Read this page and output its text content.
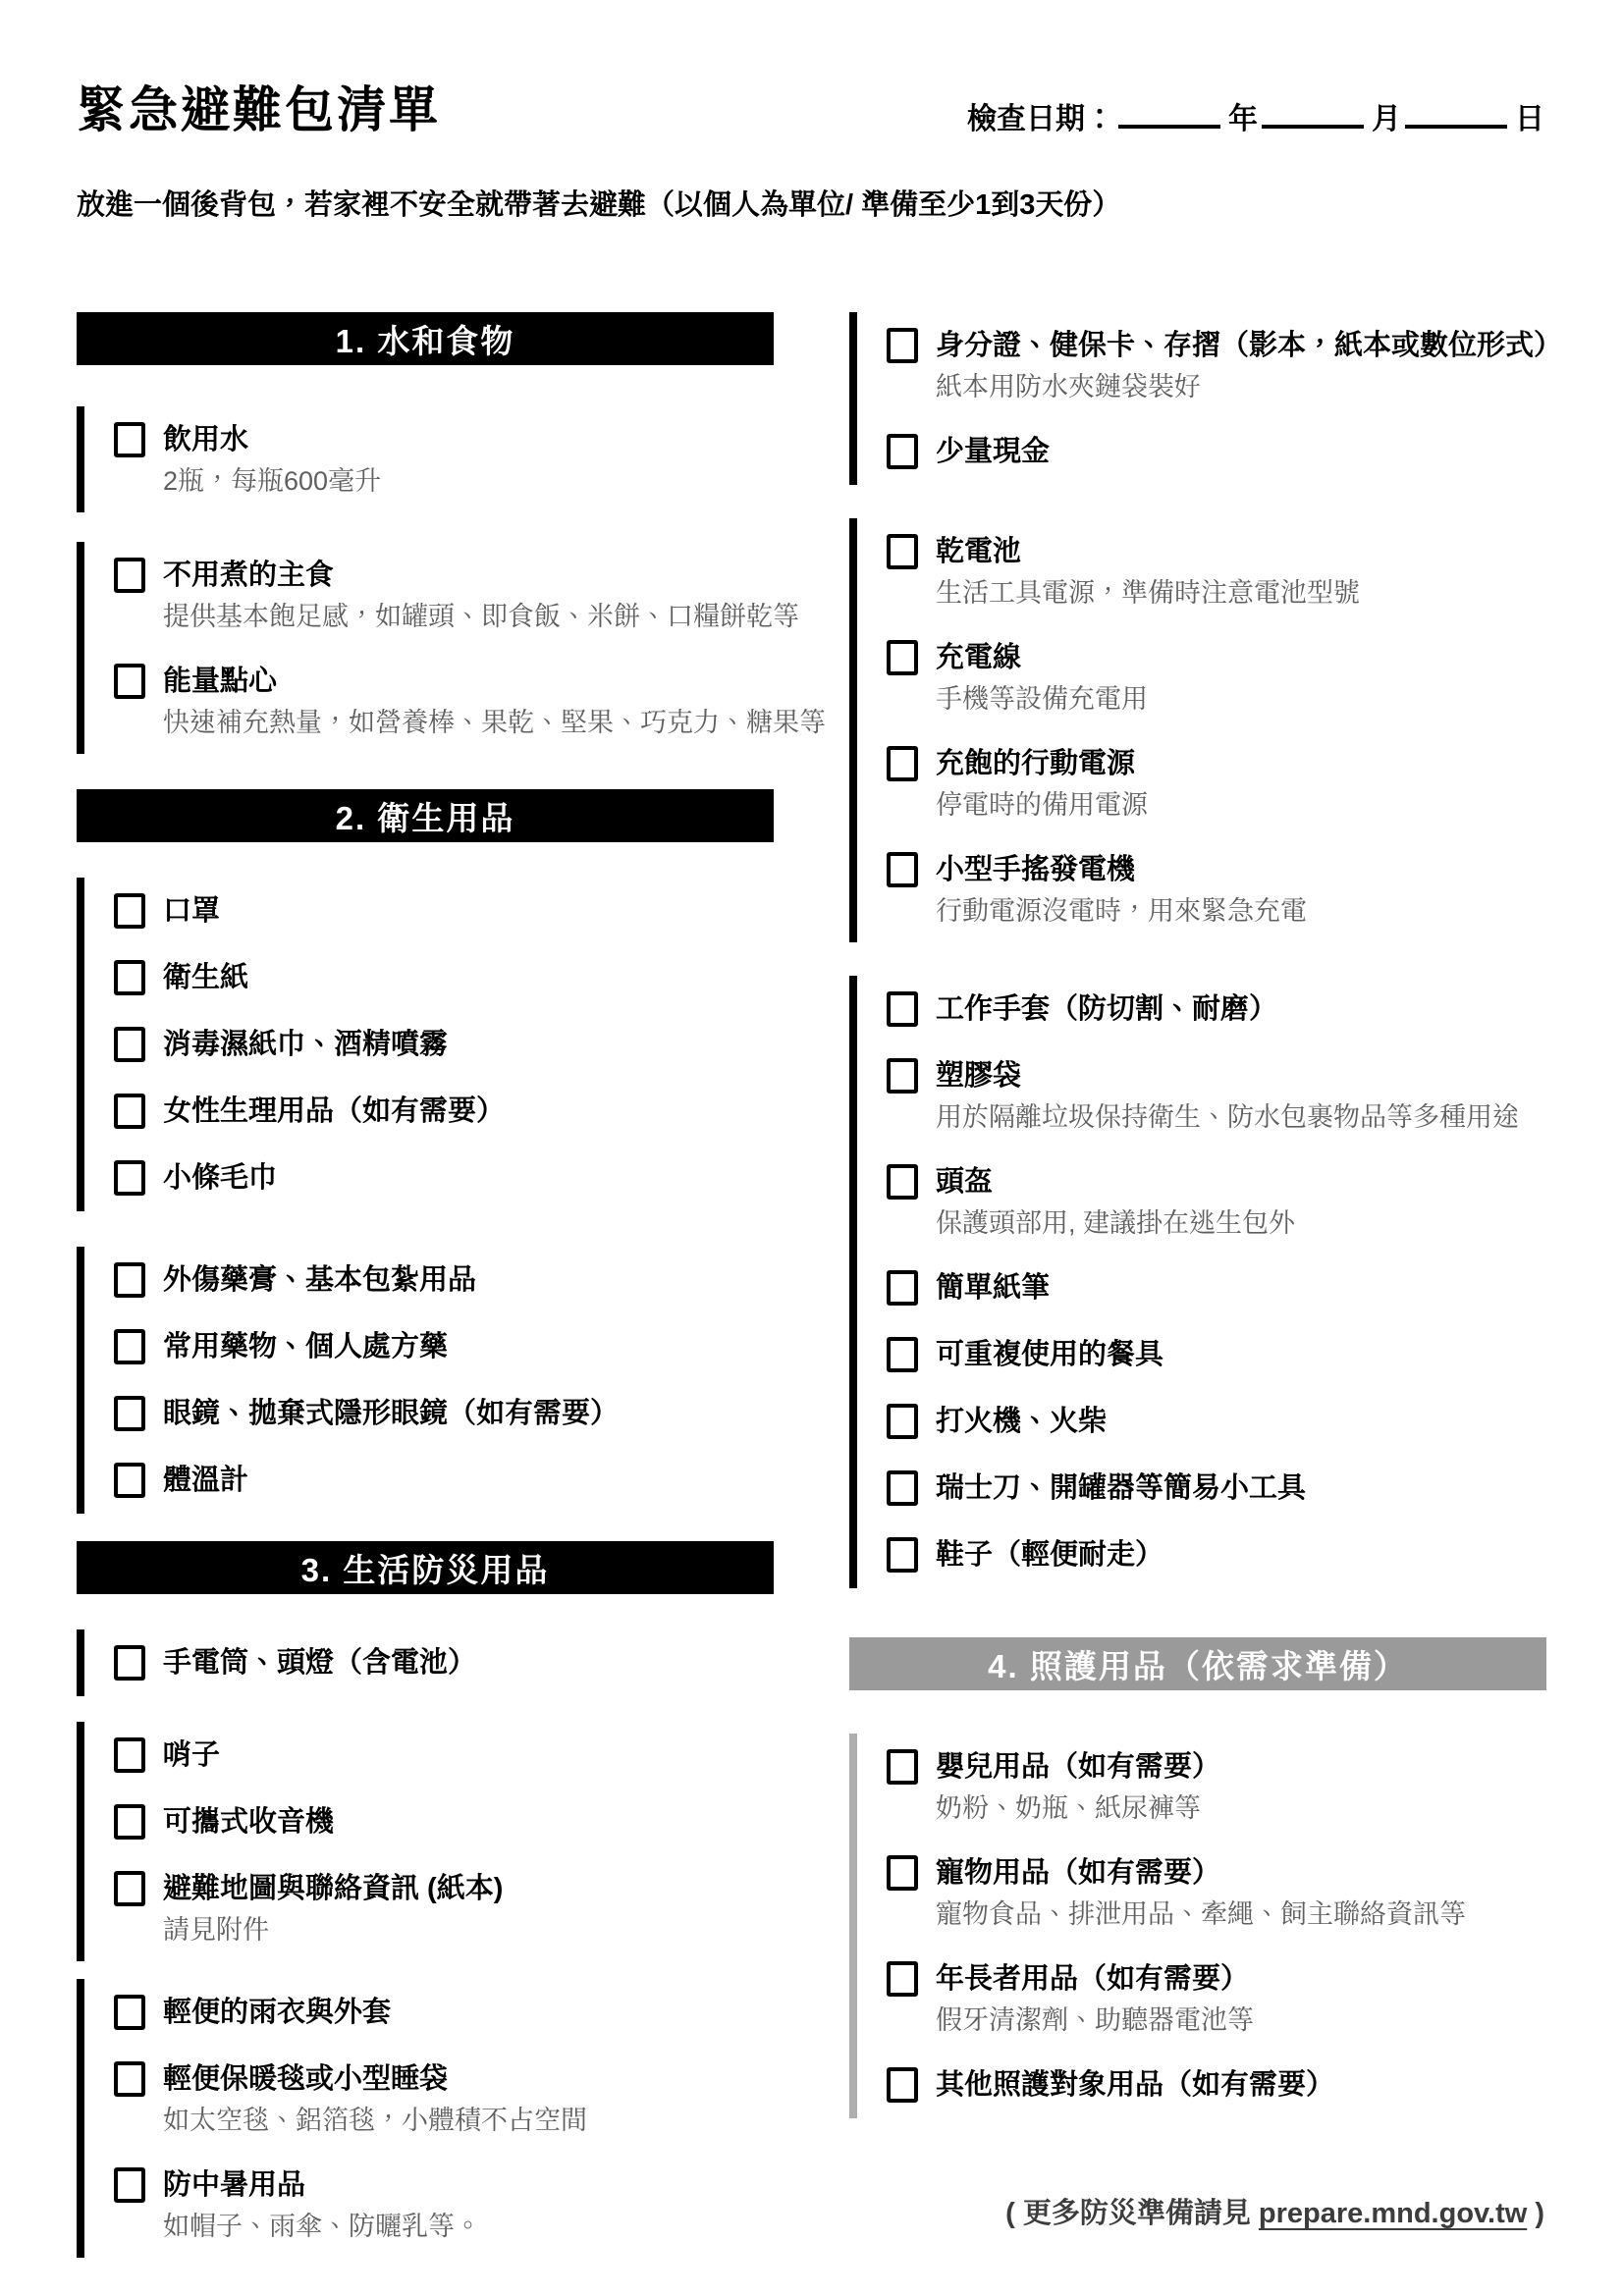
緊急避難包清單	檢查日期：	年	月	日
放進一個後背包，若家裡不安全就帶著去避難（以個人為單位/ 準備至少1到3天份）
1. 水和食物
飲用水
2瓶，每瓶600毫升
不用煮的主食
提供基本飽足感，如罐頭、即食飯、米餅、口糧餅乾等
能量點心
快速補充熱量，如營養棒、果乾、堅果、巧克力、糖果等
2. 衛生用品
口罩
衛生紙
消毒濕紙巾、酒精噴霧
女性生理用品（如有需要）
小條毛巾
外傷藥膏、基本包紮用品
常用藥物、個人處方藥
眼鏡、拋棄式隱形眼鏡（如有需要）
體溫計
3. 生活防災用品
手電筒、頭燈（含電池）
哨子
可攜式收音機
避難地圖與聯絡資訊 (紙本)
請見附件
輕便的雨衣與外套
輕便保暖毯或小型睡袋
如太空毯、鋁箔毯，小體積不占空間
防中暑用品
如帽子、雨傘、防曬乳等。
身分證、健保卡、存摺（影本，紙本或數位形式）
紙本用防水夾鏈袋裝好
少量現金
乾電池
生活工具電源，準備時注意電池型號
充電線
手機等設備充電用
充飽的行動電源
停電時的備用電源
小型手搖發電機
行動電源沒電時，用來緊急充電
工作手套（防切割、耐磨）
塑膠袋
用於隔離垃圾保持衛生、防水包裹物品等多種用途
頭盔
保護頭部用, 建議掛在逃生包外
簡單紙筆
可重複使用的餐具
打火機、火柴
瑞士刀、開罐器等簡易小工具
鞋子（輕便耐走）
4. 照護用品（依需求準備）
嬰兒用品（如有需要）
奶粉、奶瓶、紙尿褲等
寵物用品（如有需要）
寵物食品、排泄用品、牽繩、飼主聯絡資訊等
年長者用品（如有需要）
假牙清潔劑、助聽器電池等
其他照護對象用品（如有需要）
( 更多防災準備請見 prepare.mnd.gov.tw )
